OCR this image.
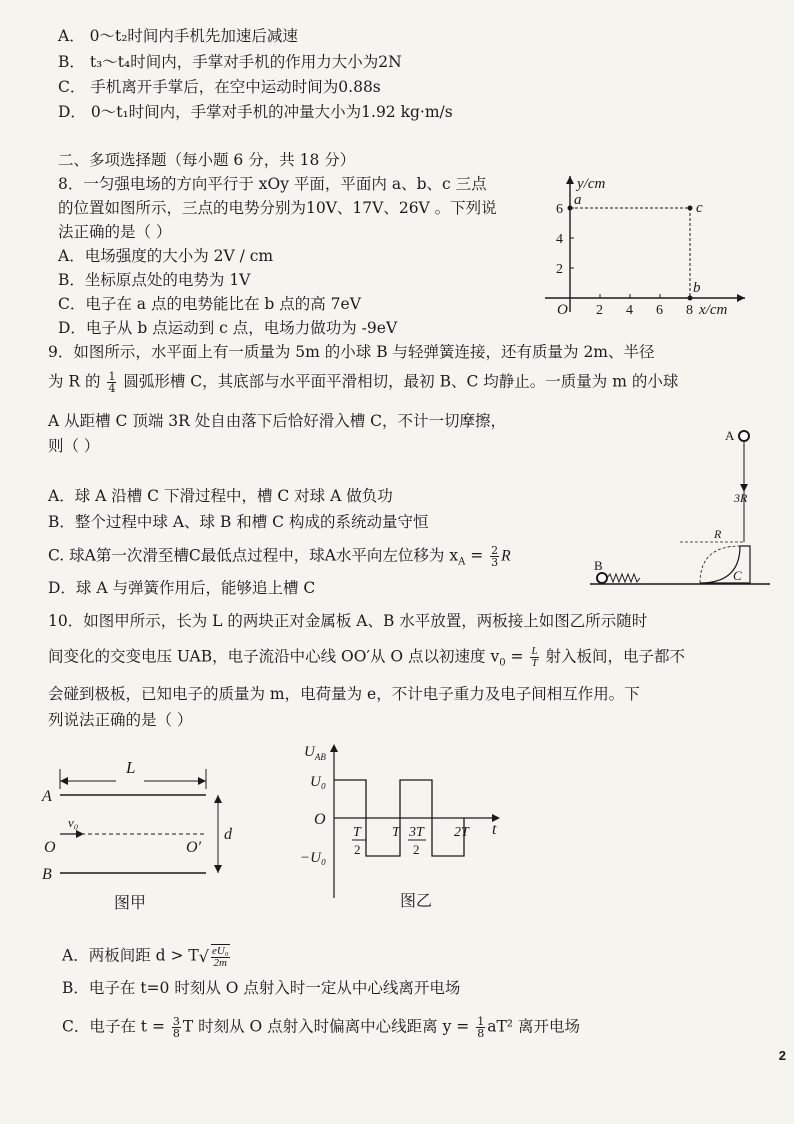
A． 0～t₂时间内手机先加速后减速
B． t₃～t₄时间内，手掌对手机的作用力大小为2N
C． 手机离开手掌后，在空中运动时间为0.88s
D． 0～t₁时间内，手掌对手机的冲量大小为1.92 kg·m/s
二、多项选择题（每小题 6 分，共 18 分）
8．一匀强电场的方向平行于 xOy 平面，平面内 a、b、c 三点
的位置如图所示，三点的电势分别为10V、17V、26V 。下列说
法正确的是（ ）
A．电场强度的大小为 2V / cm
B．坐标原点处的电势为 1V
C．电子在 a 点的电势能比在 b 点的高 7eV
D．电子从 b 点运动到 c 点，电场力做功为 -9eV
y/cm
x/cm
O 2 4 6 8
2
4
6
a	c
b
9．如图所示，水平面上有一质量为 5m 的小球 B 与轻弹簧连接，还有质量为 2m、半径
为 R 的 $\frac{1}{4}$ 圆弧形槽 C，其底部与水平面平滑相切，最初 B、C 均静止。一质量为 m 的小球
A 从距槽 C 顶端 3R 处自由落下后恰好滑入槽 C，不计一切摩擦，
则（ ）
A．球 A 沿槽 C 下滑过程中，槽 C 对球 A 做负功
B．整个过程中球 A、球 B 和槽 C 构成的系统动量守恒
C. 球A第一次滑至槽C最低点过程中，球A水平向左位移为 $x_A = \frac{2}{3}$ R
D．球 A 与弹簧作用后，能够追上槽 C
A
3R
R
C
B
10．如图甲所示，长为 L 的两块正对金属板 A、B 水平放置，两板接上如图乙所示随时
间变化的交变电压 UAB，电子流沿中心线 OO′从 O 点以初速度 $v_0 = \frac{L}{T}$ 射入板间，电子都不
会碰到极板，已知电子的质量为 m，电荷量为 e，不计电子重力及电子间相互作用。下
列说法正确的是（ ）
L
A
B
v₀
O	O′
d
图甲
$U_{AB}$
U₀
O
−U₀
t
T
2
T 3T
2
2T
图乙
A．两板间距 $d > T√ \frac{\text{eU₀}}{2m}$
B．电子在 t=0 时刻从 O 点射入时一定从中心线离开电场
C．电子在 $t = \frac{3}{8}$ T 时刻从 O 点射入时偏离中心线距离 $y = \frac{1}{8} aT^2$ 离开电场
2
